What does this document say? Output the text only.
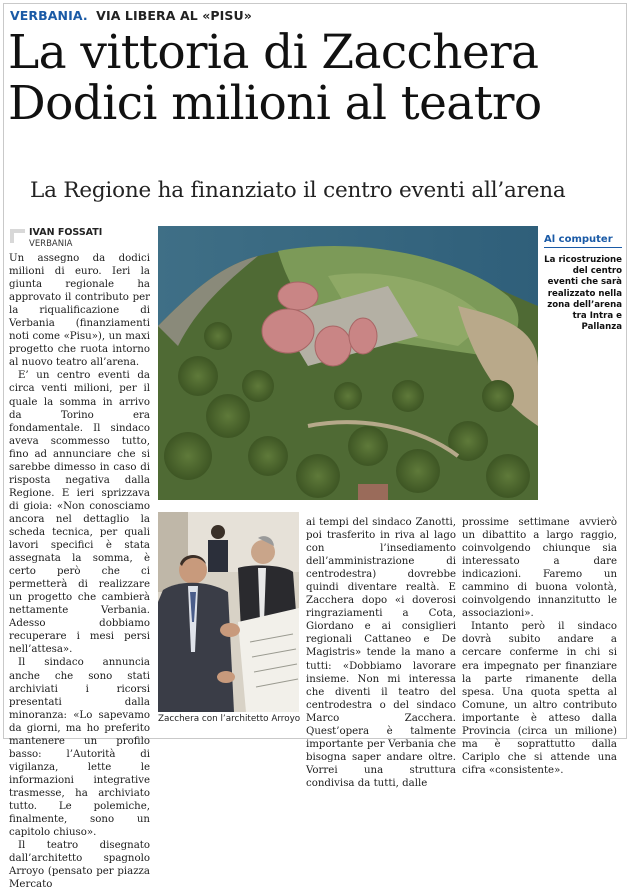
VERBANIA. VIA LIBERA AL «PISU»
La vittoria di Zacchera
Dodici milioni al teatro
La Regione ha finanziato il centro eventi all’arena
IVAN FOSSATI
VERBANIA

Un assegno da dodici milioni di euro. Ieri la giunta regionale ha approvato il contributo per la riqualificazione di Verbania (finanziamenti noti come «Pisu»), un maxi progetto che ruota intorno al nuovo teatro all’arena.

E’ un centro eventi da circa venti milioni, per il quale la somma in arrivo da Torino era fondamentale. Il sindaco aveva scommesso tutto, fino ad annunciare che si sarebbe dimesso in caso di risposta negativa dalla Regione. E ieri sprizzava di gioia: «Non conosciamo ancora nel dettaglio la scheda tecnica, per quali lavori specifici è stata assegnata la somma, è certo però che ci permetterà di realizzare un progetto che cambierà nettamente Verbania. Adesso dobbiamo recuperare i mesi persi nell’attesa».

Il sindaco annuncia anche che sono stati archiviati i ricorsi presentati dalla minoranza: «Lo sapevamo da giorni, ma ho preferito mantenere un profilo basso: l’Autorità di vigilanza, lette le informazioni integrative trasmesse, ha archiviato tutto. Le polemiche, finalmente, sono un capitolo chiuso».

Il teatro disegnato dall’architetto spagnolo Arroyo (pensato per piazza Mercato

Al computer
La ricostruzione del centro eventi che sarà realizzato nella zona dell’arena tra Intra e Pallanza
Zacchera con l’architetto Arroyo

ai tempi del sindaco Zanotti, poi trasferito in riva al lago con l’insediamento dell’amministrazione di centrodestra) dovrebbe quindi diventare realtà. E Zacchera dopo «i doverosi ringraziamenti a Cota, Giordano e ai consiglieri regionali Cattaneo e De Magistris» tende la mano a tutti: «Dobbiamo lavorare insieme. Non mi interessa che diventi il teatro del centrodestra o del sindaco Marco Zacchera. Quest’opera è talmente importante per Verbania che bisogna saper andare oltre. Vorrei una struttura condivisa da tutti, dalle

prossime settimane avvierò un dibattito a largo raggio, coinvolgendo chiunque sia interessato a dare indicazioni. Faremo un cammino di buona volontà, coinvolgendo innanzitutto le associazioni».

Intanto però il sindaco dovrà subito andare a cercare conferme in chi si era impegnato per finanziare la parte rimanente della spesa. Una quota spetta al Comune, un altro contributo importante è atteso dalla Provincia (circa un milione) ma è soprattutto dalla Cariplo che si attende una cifra «consistente».
